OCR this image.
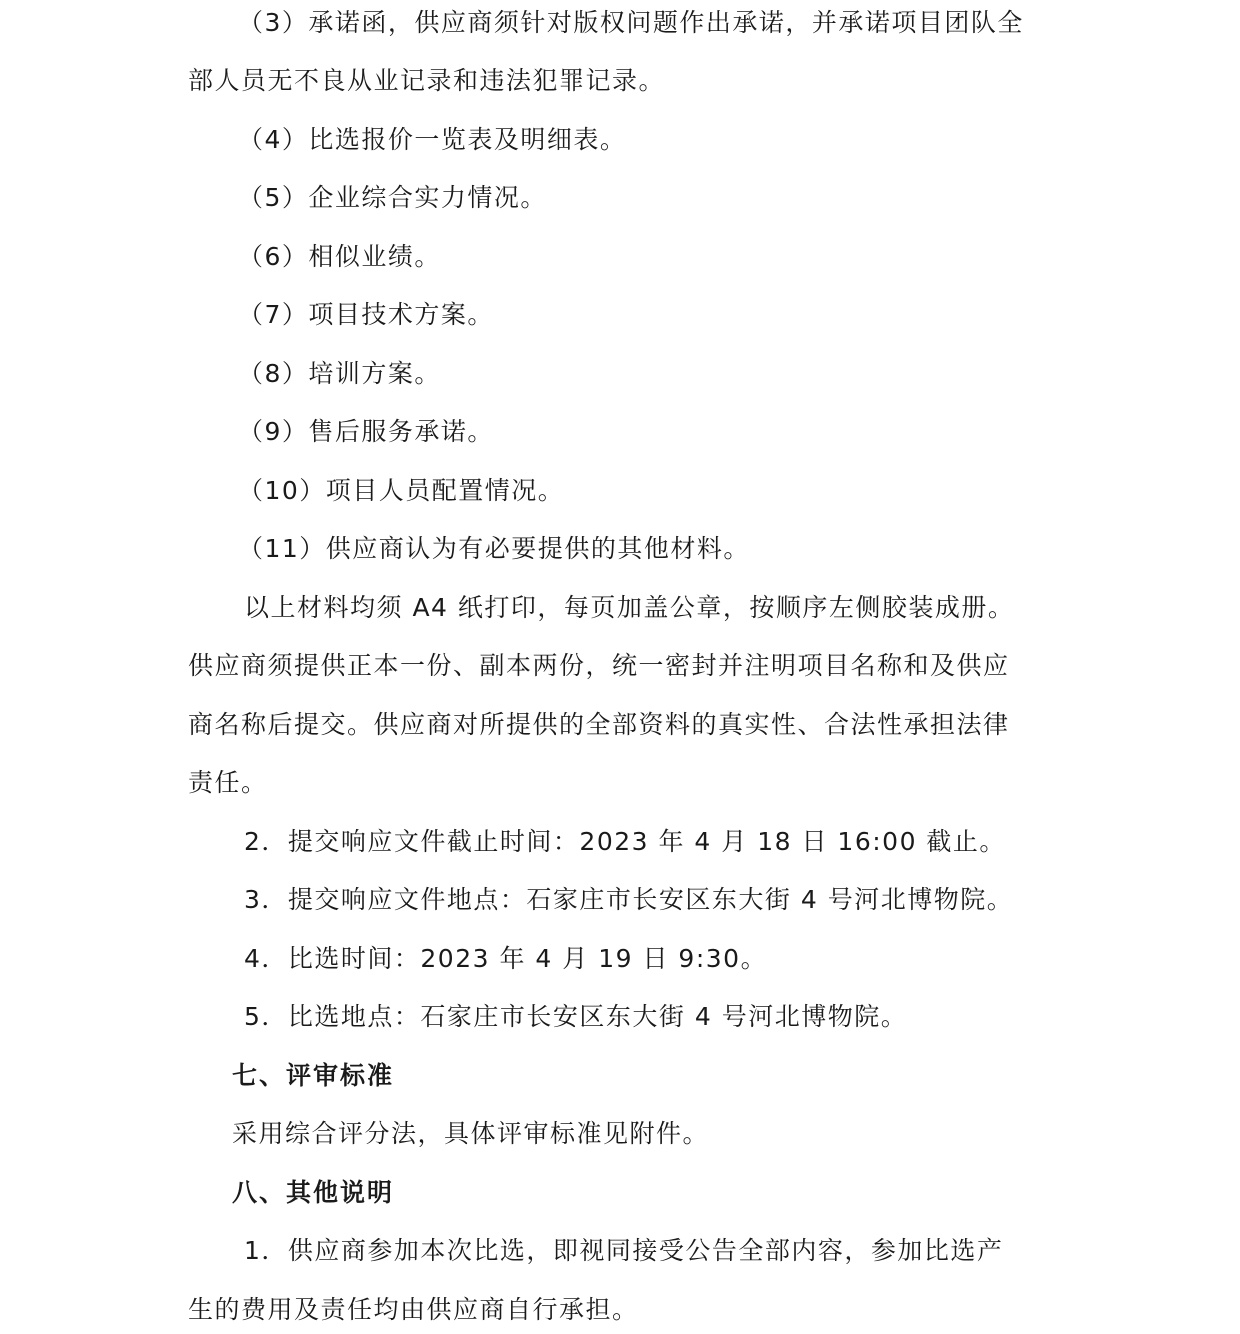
（3）承诺函，供应商须针对版权问题作出承诺，并承诺项目团队全
部人员无不良从业记录和违法犯罪记录。
（4）比选报价一览表及明细表。
（5）企业综合实力情况。
（6）相似业绩。
（7）项目技术方案。
（8）培训方案。
（9）售后服务承诺。
（10）项目人员配置情况。
（11）供应商认为有必要提供的其他材料。
以上材料均须 A4 纸打印，每页加盖公章，按顺序左侧胶装成册。
供应商须提供正本一份、副本两份，统一密封并注明项目名称和及供应
商名称后提交。供应商对所提供的全部资料的真实性、合法性承担法律
责任。
2．提交响应文件截止时间：2023 年 4 月 18 日 16:00 截止。
3．提交响应文件地点：石家庄市长安区东大街 4 号河北博物院。
4．比选时间：2023 年 4 月 19 日 9:30。
5．比选地点：石家庄市长安区东大街 4 号河北博物院。
七、评审标准
采用综合评分法，具体评审标准见附件。
八、其他说明
1．供应商参加本次比选，即视同接受公告全部内容，参加比选产
生的费用及责任均由供应商自行承担。
